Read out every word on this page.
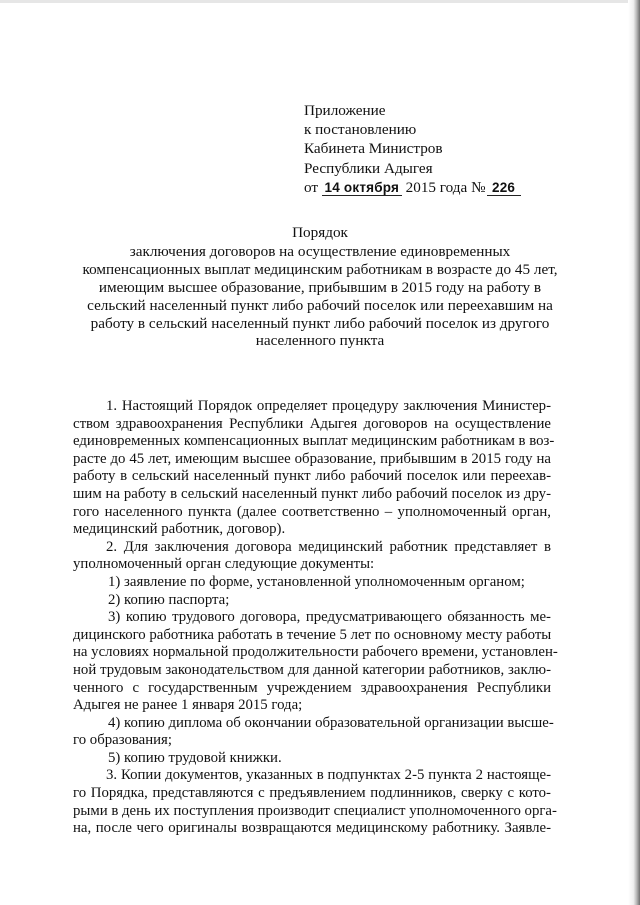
Приложение
к постановлению
Кабинета Министров
Республики Адыгея
от 14 октября 2015 года № 226
Порядок
заключения договоров на осуществление единовременных
компенсационных выплат медицинским работникам в возрасте до 45 лет,
имеющим высшее образование, прибывшим в 2015 году на работу в
сельский населенный пункт либо рабочий поселок или переехавшим на
работу в сельский населенный пункт либо рабочий поселок из другого
населенного пункта
1. Настоящий Порядок определяет процедуру заключения Министер-
ством здравоохранения Республики Адыгея договоров на осуществление
единовременных компенсационных выплат медицинским работникам в воз-
расте до 45 лет, имеющим высшее образование, прибывшим в 2015 году на
работу в сельский населенный пункт либо рабочий поселок или переехав-
шим на работу в сельский населенный пункт либо рабочий поселок из дру-
гого населенного пункта (далее соответственно – уполномоченный орган,
медицинский работник, договор).
2. Для заключения договора медицинский работник представляет в
уполномоченный орган следующие документы:
1) заявление по форме, установленной уполномоченным органом;
2) копию паспорта;
3) копию трудового договора, предусматривающего обязанность ме-
дицинского работника работать в течение 5 лет по основному месту работы
на условиях нормальной продолжительности рабочего времени, установлен-
ной трудовым законодательством для данной категории работников, заклю-
ченного с государственным учреждением здравоохранения Республики
Адыгея не ранее 1 января 2015 года;
4) копию диплома об окончании образовательной организации высше-
го образования;
5) копию трудовой книжки.
3. Копии документов, указанных в подпунктах 2-5 пункта 2 настояще-
го Порядка, представляются с предъявлением подлинников, сверку с кото-
рыми в день их поступления производит специалист уполномоченного орга-
на, после чего оригиналы возвращаются медицинскому работнику. Заявле-
